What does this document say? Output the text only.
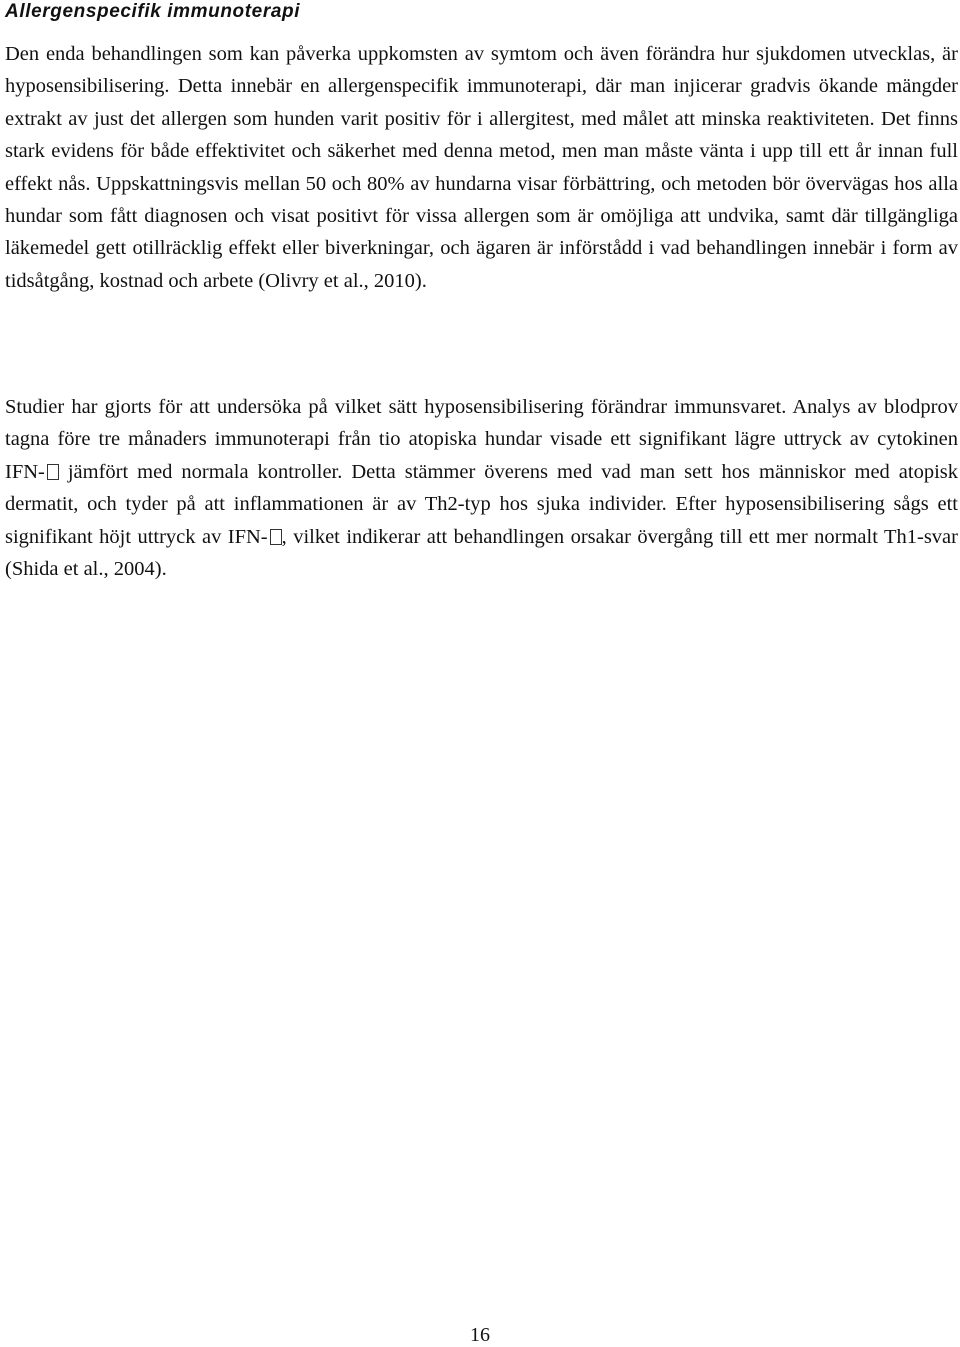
Allergenspecifik immunoterapi

Den enda behandlingen som kan påverka uppkomsten av symtom och även förändra hur sjukdomen utvecklas, är hyposensibilisering. Detta innebär en allergenspecifik immunoterapi, där man injicerar gradvis ökande mängder extrakt av just det allergen som hunden varit positiv för i allergitest, med målet att minska reaktiviteten. Det finns stark evidens för både effektivitet och säkerhet med denna metod, men man måste vänta i upp till ett år innan full effekt nås. Uppskattningsvis mellan 50 och 80% av hundarna visar förbättring, och metoden bör övervägas hos alla hundar som fått diagnosen och visat positivt för vissa allergen som är omöjliga att undvika, samt där tillgängliga läkemedel gett otillräcklig effekt eller biverkningar, och ägaren är införstådd i vad behandlingen innebär i form av tidsåtgång, kostnad och arbete (Olivry et al., 2010).

Studier har gjorts för att undersöka på vilket sätt hyposensibilisering förändrar immunsvaret. Analys av blodprov tagna före tre månaders immunoterapi från tio atopiska hundar visade ett signifikant lägre uttryck av cytokinen IFN- jämfört med normala kontroller. Detta stämmer överens med vad man sett hos människor med atopisk dermatit, och tyder på att inflammationen är av Th2-typ hos sjuka individer. Efter hyposensibilisering sågs ett signifikant höjt uttryck av IFN- , vilket indikerar att behandlingen orsakar övergång till ett mer normalt Th1-svar (Shida et al., 2004).

16
